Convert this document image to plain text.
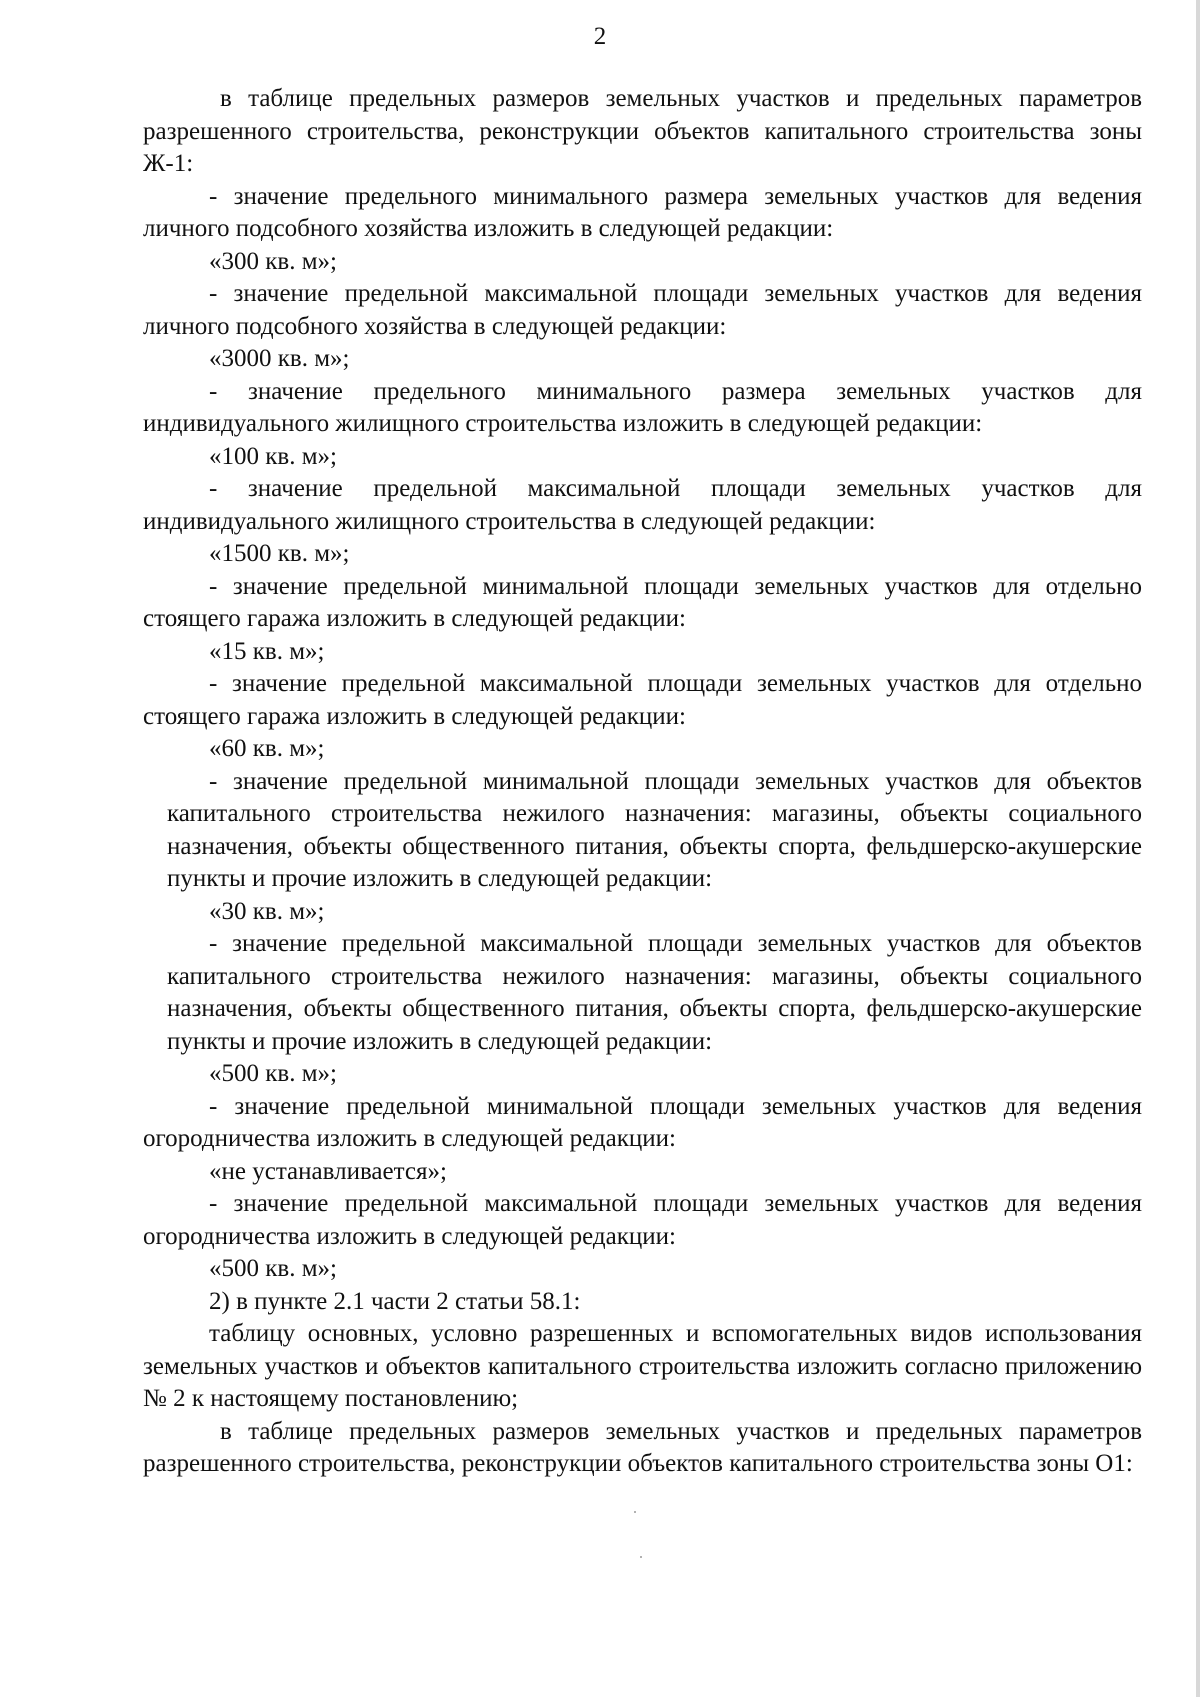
2

в таблице предельных размеров земельных участков и предельных параметров разрешенного строительства, реконструкции объектов капитального строительства зоны Ж-1:

- значение предельного минимального размера земельных участков для ведения личного подсобного хозяйства изложить в следующей редакции:

«300 кв. м»;

- значение предельной максимальной площади земельных участков для ведения личного подсобного хозяйства в следующей редакции:

«3000 кв. м»;

- значение предельного минимального размера земельных участков для индивидуального жилищного строительства изложить в следующей редакции:

«100 кв. м»;

- значение предельной максимальной площади земельных участков для индивидуального жилищного строительства в следующей редакции:

«1500 кв. м»;

- значение предельной минимальной площади земельных участков для отдельно стоящего гаража изложить в следующей редакции:

«15 кв. м»;

- значение предельной максимальной площади земельных участков для отдельно стоящего гаража изложить в следующей редакции:

«60 кв. м»;

- значение предельной минимальной площади земельных участков для объектов капитального строительства нежилого назначения: магазины, объекты социального назначения, объекты общественного питания, объекты спорта, фельдшерско-акушерские пункты и прочие изложить в следующей редакции:

«30 кв. м»;

- значение предельной максимальной площади земельных участков для объектов капитального строительства нежилого назначения: магазины, объекты социального назначения, объекты общественного питания, объекты спорта, фельдшерско-акушерские пункты и прочие изложить в следующей редакции:

«500 кв. м»;

- значение предельной минимальной площади земельных участков для ведения огородничества изложить в следующей редакции:

«не устанавливается»;

- значение предельной максимальной площади земельных участков для ведения огородничества изложить в следующей редакции:

«500 кв. м»;

2) в пункте 2.1 части 2 статьи 58.1:

таблицу основных, условно разрешенных и вспомогательных видов использования земельных участков и объектов капитального строительства изложить согласно приложению № 2 к настоящему постановлению;

в таблице предельных размеров земельных участков и предельных параметров разрешенного строительства, реконструкции объектов капитального строительства зоны О1:
